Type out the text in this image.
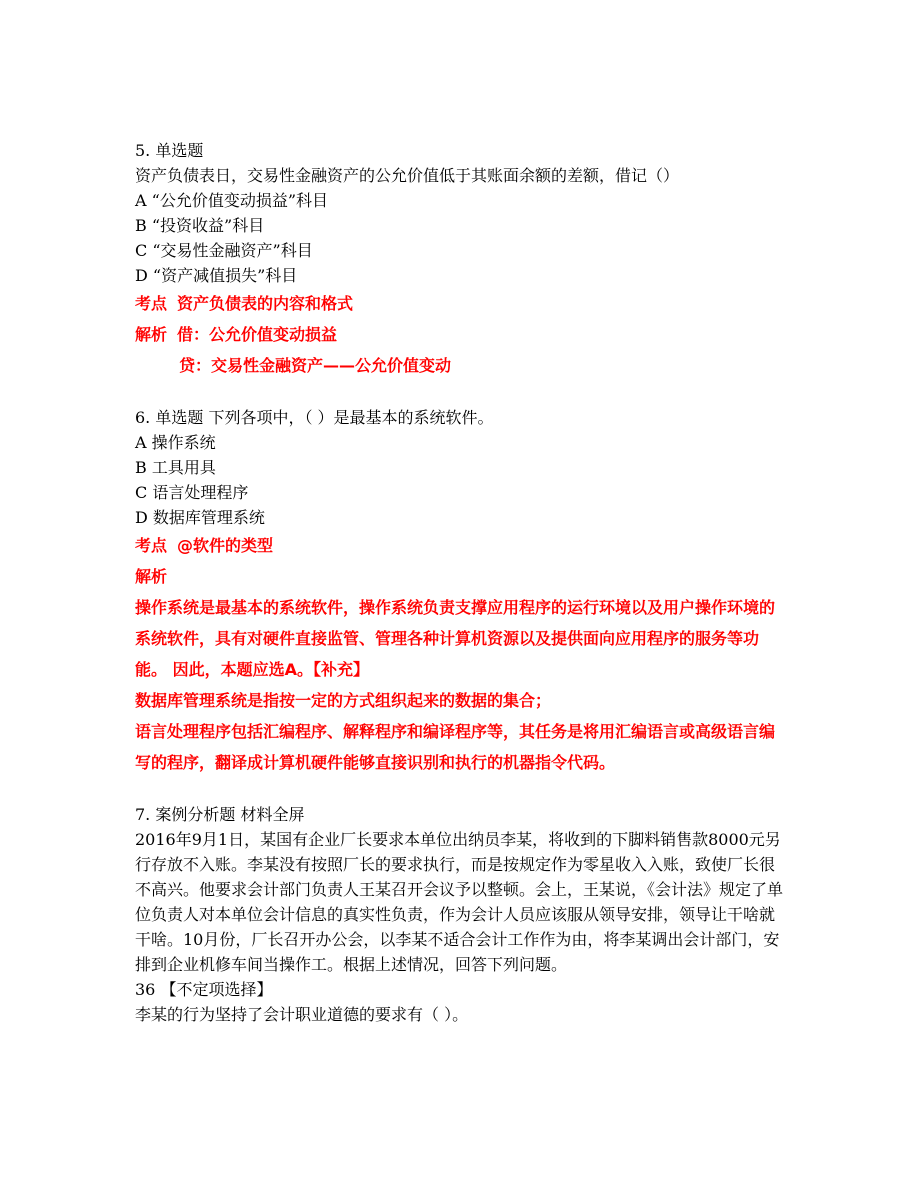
5. 单选题
资产负债表日，交易性金融资产的公允价值低于其账面余额的差额，借记（）
A “公允价值变动损益”科目
B “投资收益”科目
C “交易性金融资产”科目
D “资产减值损失”科目
考点 资产负债表的内容和格式
解析 借：公允价值变动损益
贷：交易性金融资产——公允价值变动
6. 单选题 下列各项中，（ ）是最基本的系统软件。
A 操作系统
B 工具用具
C 语言处理程序
D 数据库管理系统
考点 @软件的类型
解析
操作系统是最基本的系统软件，操作系统负责支撑应用程序的运行环境以及用户操作环境的系统软件，具有对硬件直接监管、管理各种计算机资源以及提供面向应用程序的服务等功能。 因此，本题应选A。【补充】
数据库管理系统是指按一定的方式组织起来的数据的集合；
语言处理程序包括汇编程序、解释程序和编译程序等，其任务是将用汇编语言或高级语言编写的程序，翻译成计算机硬件能够直接识别和执行的机器指令代码。
7. 案例分析题 材料全屏
2016年9月1日，某国有企业厂长要求本单位出纳员李某，将收到的下脚料销售款8000元另行存放不入账。李某没有按照厂长的要求执行，而是按规定作为零星收入入账，致使厂长很不高兴。他要求会计部门负责人王某召开会议予以整顿。会上，王某说，《会计法》规定了单位负责人对本单位会计信息的真实性负责，作为会计人员应该服从领导安排，领导让干啥就干啥。10月份，厂长召开办公会，以李某不适合会计工作作为由，将李某调出会计部门，安排到企业机修车间当操作工。根据上述情况，回答下列问题。
36 【不定项选择】
李某的行为坚持了会计职业道德的要求有（ ）。
